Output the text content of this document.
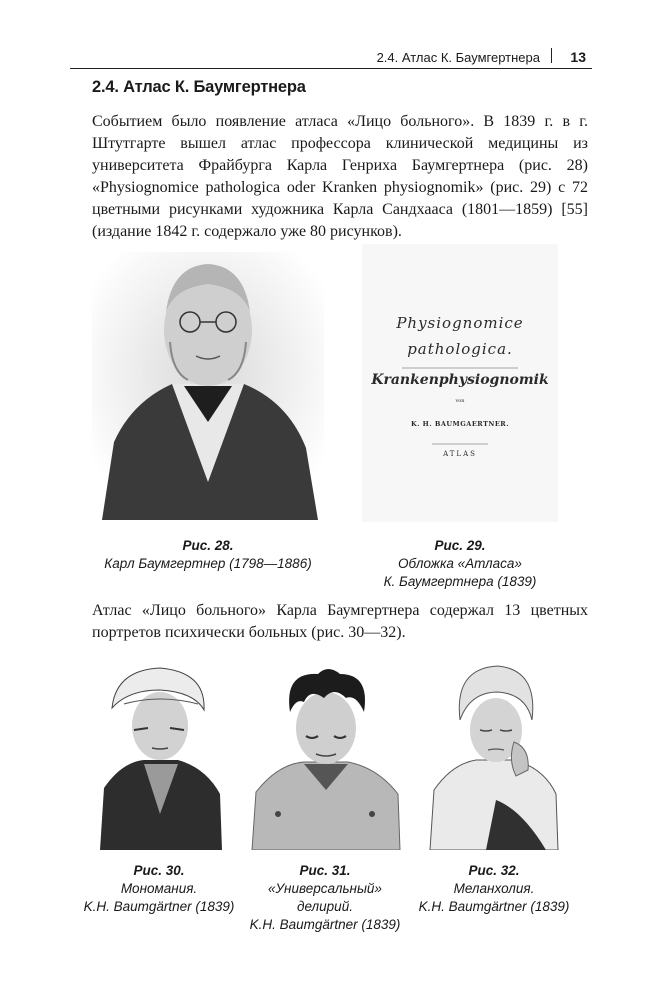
2.4. Атлас К. Баумгертнера 13
2.4. Атлас К. Баумгертнера
Событием было появление атласа «Лицо больного». В 1839 г. в г. Штутгарте вышел атлас профессора клинической медицины из университета Фрайбурга Карла Генриха Баумгертнера (рис. 28) «Physiognomice pathologica oder Kranken physiognomik» (рис. 29) с 72 цветными рисунками художника Карла Сандхааса (1801—1859) [55] (издание 1842 г. содержало уже 80 рисунков).
Physiognomice
pathologica.
Krankenphysiognomik
von
K. H. BAUMGAERTNER.
ATLAS
Рис. 28.
Карл Баумгертнер (1798—1886)
Рис. 29.
Обложка «Атласа»
К. Баумгертнера (1839)
Атлас «Лицо больного» Карла Баумгертнера содержал 13 цветных портретов психически больных (рис. 30—32).
Рис. 30.
Мономания.
K.H. Baumgärtner (1839)
Рис. 31.
«Универсальный»
делирий.
K.H. Baumgärtner (1839)
Рис. 32.
Меланхолия.
K.H. Baumgärtner (1839)
